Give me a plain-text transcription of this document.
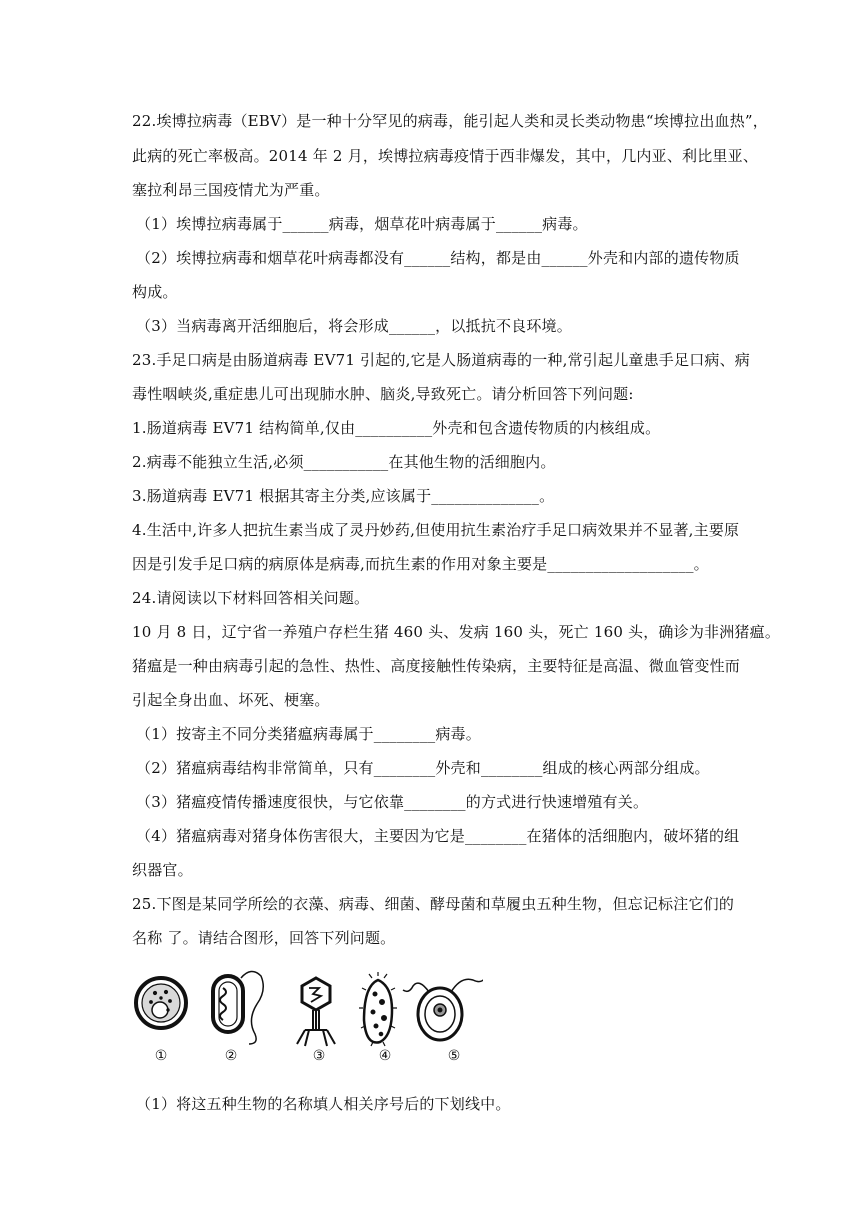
22.埃博拉病毒（EBV）是一种十分罕见的病毒，能引起人类和灵长类动物患“埃博拉出血热”，
此病的死亡率极高。2014 年 2 月，埃博拉病毒疫情于西非爆发，其中，几内亚、利比里亚、
塞拉利昂三国疫情尤为严重。
（1）埃博拉病毒属于______病毒，烟草花叶病毒属于______病毒。
（2）埃博拉病毒和烟草花叶病毒都没有______结构，都是由______外壳和内部的遗传物质
构成。
（3）当病毒离开活细胞后，将会形成______，以抵抗不良环境。
23.手足口病是由肠道病毒 EV71 引起的,它是人肠道病毒的一种,常引起儿童患手足口病、病
毒性咽峡炎,重症患儿可出现肺水肿、脑炎,导致死亡。请分析回答下列问题:
1.肠道病毒 EV71 结构简单,仅由__________外壳和包含遗传物质的内核组成。
2.病毒不能独立生活,必须___________在其他生物的活细胞内。
3.肠道病毒 EV71 根据其寄主分类,应该属于______________。
4.生活中,许多人把抗生素当成了灵丹妙药,但使用抗生素治疗手足口病效果并不显著,主要原
因是引发手足口病的病原体是病毒,而抗生素的作用对象主要是___________________。
24.请阅读以下材料回答相关问题。
10 月 8 日，辽宁省一养殖户存栏生猪 460 头、发病 160 头，死亡 160 头，确诊为非洲猪瘟。
猪瘟是一种由病毒引起的急性、热性、高度接触性传染病，主要特征是高温、微血管变性而
引起全身出血、坏死、梗塞。
（1）按寄主不同分类猪瘟病毒属于________病毒。
（2）猪瘟病毒结构非常简单，只有________外壳和________组成的核心两部分组成。
（3）猪瘟疫情传播速度很快，与它依靠________的方式进行快速增殖有关。
（4）猪瘟病毒对猪身体伤害很大，主要因为它是________在猪体的活细胞内，破坏猪的组
织器官。
25.下图是某同学所绘的衣藻、病毒、细菌、酵母菌和草履虫五种生物，但忘记标注它们的
名称 了。请结合图形，回答下列问题。
①	②	③	④	⑤
（1）将这五种生物的名称填人相关序号后的下划线中。
